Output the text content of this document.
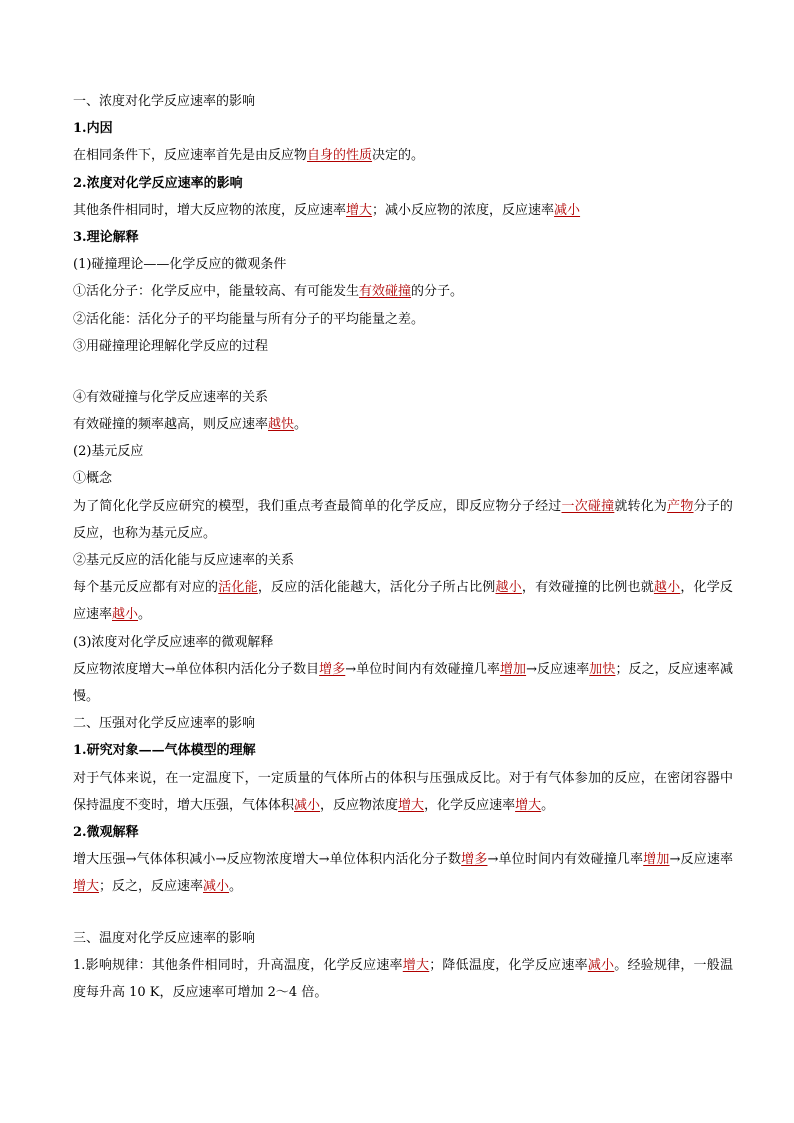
一、浓度对化学反应速率的影响
1.内因
在相同条件下，反应速率首先是由反应物自身的性质决定的。
2.浓度对化学反应速率的影响
其他条件相同时，增大反应物的浓度，反应速率增大；减小反应物的浓度，反应速率减小
3.理论解释
(1)碰撞理论——化学反应的微观条件
①活化分子：化学反应中，能量较高、有可能发生有效碰撞的分子。
②活化能：活化分子的平均能量与所有分子的平均能量之差。
③用碰撞理论理解化学反应的过程
④有效碰撞与化学反应速率的关系
有效碰撞的频率越高，则反应速率越快。
(2)基元反应
①概念
为了简化化学反应研究的模型，我们重点考查最简单的化学反应，即反应物分子经过一次碰撞就转化为产物分子的反应，也称为基元反应。
②基元反应的活化能与反应速率的关系
每个基元反应都有对应的活化能，反应的活化能越大，活化分子所占比例越小，有效碰撞的比例也就越小，化学反应速率越小。
(3)浓度对化学反应速率的微观解释
反应物浓度增大→单位体积内活化分子数目增多→单位时间内有效碰撞几率增加→反应速率加快；反之，反应速率减慢。
二、压强对化学反应速率的影响
1.研究对象——气体模型的理解
对于气体来说，在一定温度下，一定质量的气体所占的体积与压强成反比。对于有气体参加的反应，在密闭容器中保持温度不变时，增大压强，气体体积减小，反应物浓度增大，化学反应速率增大。
2.微观解释
增大压强→气体体积减小→反应物浓度增大→单位体积内活化分子数增多→单位时间内有效碰撞几率增加→反应速率增大；反之，反应速率减小。
三、温度对化学反应速率的影响
1.影响规律：其他条件相同时，升高温度，化学反应速率增大；降低温度，化学反应速率减小。经验规律，一般温度每升高 10 K，反应速率可增加 2～4 倍。
